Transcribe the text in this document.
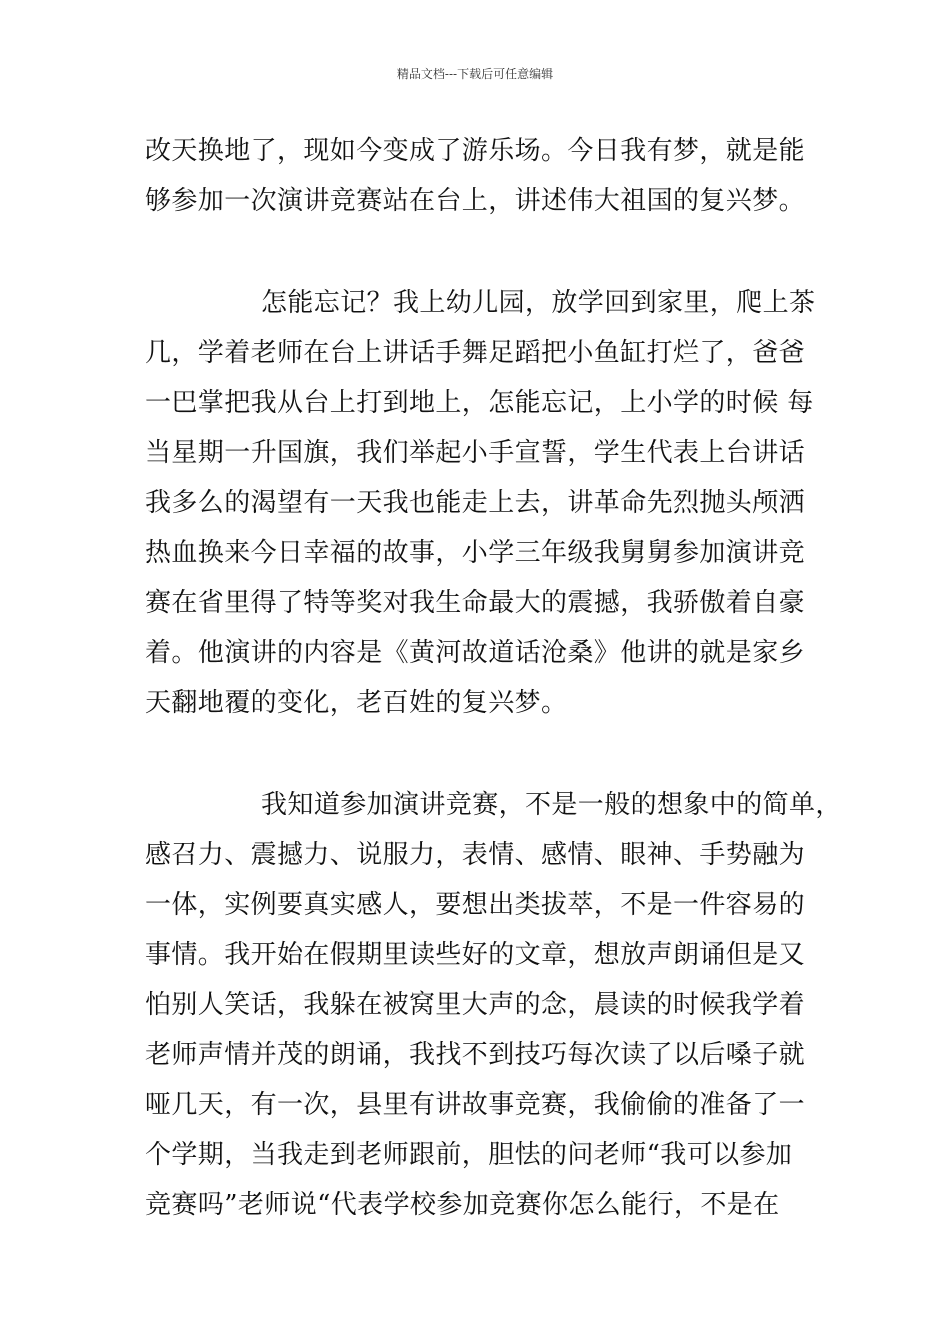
精品文档---下载后可任意编辑
改天换地了，现如今变成了游乐场。今日我有梦，就是能
够参加一次演讲竞赛站在台上，讲述伟大祖国的复兴梦。
怎能忘记？我上幼儿园，放学回到家里，爬上茶
几，学着老师在台上讲话手舞足蹈把小鱼缸打烂了，爸爸
一巴掌把我从台上打到地上，怎能忘记，上小学的时候 每
当星期一升国旗，我们举起小手宣誓，学生代表上台讲话
我多么的渴望有一天我也能走上去，讲革命先烈抛头颅洒
热血换来今日幸福的故事，小学三年级我舅舅参加演讲竞
赛在省里得了特等奖对我生命最大的震撼，我骄傲着自豪
着。他演讲的内容是《黄河故道话沧桑》他讲的就是家乡
天翻地覆的变化，老百姓的复兴梦。
我知道参加演讲竞赛，不是一般的想象中的简单，
感召力、震撼力、说服力，表情、感情、眼神、手势融为
一体，实例要真实感人，要想出类拔萃，不是一件容易的
事情。我开始在假期里读些好的文章，想放声朗诵但是又
怕别人笑话，我躲在被窝里大声的念，晨读的时候我学着
老师声情并茂的朗诵，我找不到技巧每次读了以后嗓子就
哑几天，有一次，县里有讲故事竞赛，我偷偷的准备了一
个学期，当我走到老师跟前，胆怯的问老师“我可以参加
竞赛吗”老师说“代表学校参加竞赛你怎么能行，不是在
